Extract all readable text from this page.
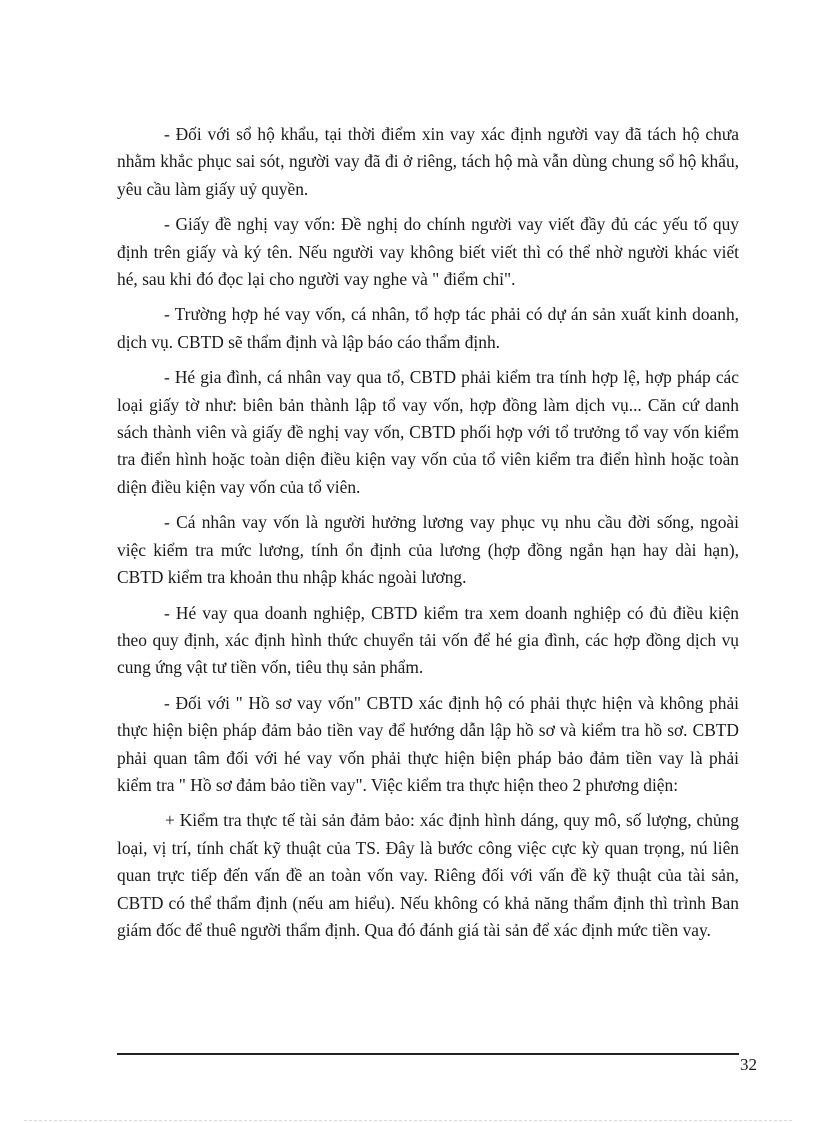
- Đối với sổ hộ khẩu, tại thời điểm xin vay xác định người vay đã tách hộ chưa nhằm khắc phục sai sót, người vay đã đi ở riêng, tách hộ mà vẫn dùng chung sổ hộ khẩu, yêu cầu làm giấy uỷ quyền.

- Giấy đề nghị vay vốn: Đề nghị do chính người vay viết đầy đủ các yếu tố quy định trên giấy và ký tên. Nếu người vay không biết viết thì có thể nhờ người khác viết hé, sau khi đó đọc lại cho người vay nghe và " điểm chỉ".

- Trường hợp hé vay vốn, cá nhân, tổ hợp tác phải có dự án sản xuất kinh doanh, dịch vụ. CBTD sẽ thẩm định và lập báo cáo thẩm định.

- Hé gia đình, cá nhân vay qua tổ, CBTD phải kiểm tra tính hợp lệ, hợp pháp các loại giấy tờ như: biên bản thành lập tổ vay vốn, hợp đồng làm dịch vụ... Căn cứ danh sách thành viên và giấy đề nghị vay vốn, CBTD phối hợp với tổ trưởng tổ vay vốn kiểm tra điển hình hoặc toàn diện điều kiện vay vốn của tổ viên kiểm tra điển hình hoặc toàn diện điều kiện vay vốn của tổ viên.

- Cá nhân vay vốn là người hưởng lương vay phục vụ nhu cầu đời sống, ngoài việc kiểm tra mức lương, tính ổn định của lương (hợp đồng ngắn hạn hay dài hạn), CBTD kiểm tra khoản thu nhập khác ngoài lương.

- Hé vay qua doanh nghiệp, CBTD kiểm tra xem doanh nghiệp có đủ điều kiện theo quy định, xác định hình thức chuyển tải vốn để hé gia đình, các hợp đồng dịch vụ cung ứng vật tư tiền vốn, tiêu thụ sản phẩm.

- Đối với " Hồ sơ vay vốn" CBTD xác định hộ có phải thực hiện và không phải thực hiện biện pháp đảm bảo tiền vay để hướng dẫn lập hồ sơ và kiểm tra hồ sơ. CBTD phải quan tâm đối với hé vay vốn phải thực hiện biện pháp bảo đảm tiền vay là phải kiểm tra " Hồ sơ đảm bảo tiền vay". Việc kiểm tra thực hiện theo 2 phương diện:

+ Kiểm tra thực tế tài sản đảm bảo: xác định hình dáng, quy mô, số lượng, chủng loại, vị trí, tính chất kỹ thuật của TS. Đây là bước công việc cực kỳ quan trọng, nú liên quan trực tiếp đến vấn đề an toàn vốn vay. Riêng đối với vấn đề kỹ thuật của tài sản, CBTD có thể thẩm định (nếu am hiểu). Nếu không có khả năng thẩm định thì trình Ban giám đốc để thuê người thẩm định. Qua đó đánh giá tài sản để xác định mức tiền vay.

32
